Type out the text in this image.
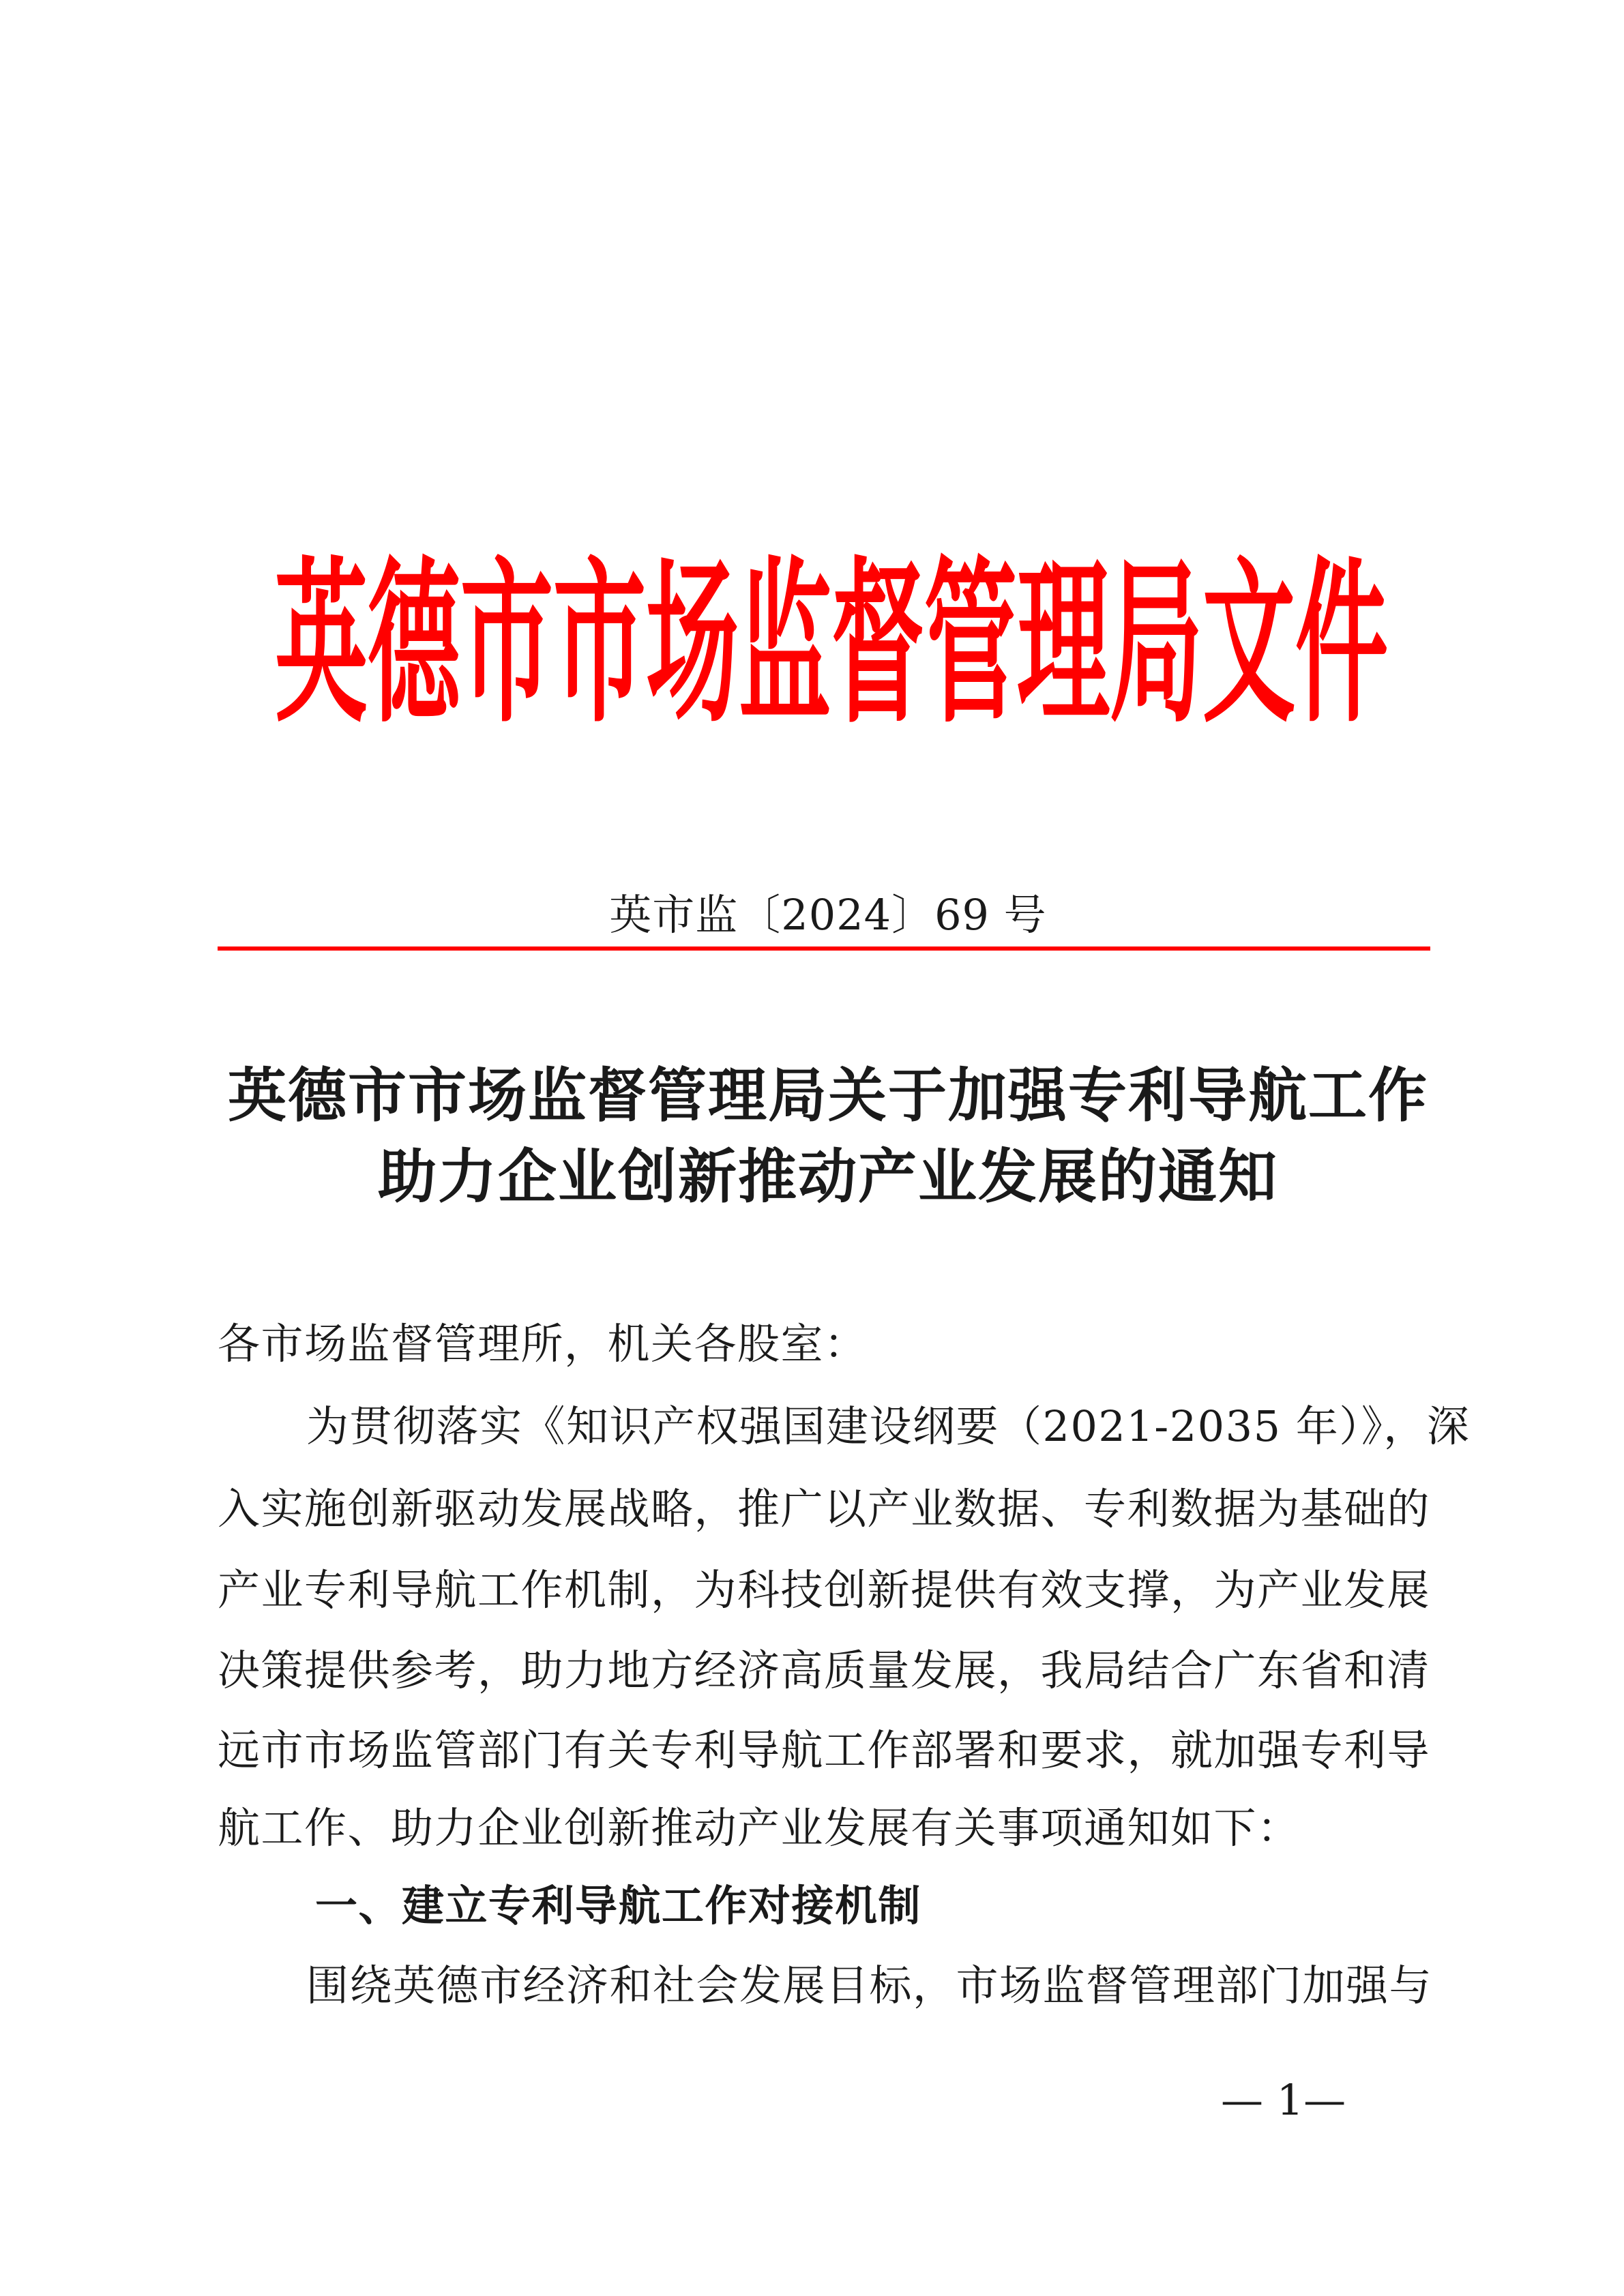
英德市市场监督管理局文件
英市监〔2024〕69 号
英德市市场监督管理局关于加强专利导航工作
助力企业创新推动产业发展的通知
各市场监督管理所，机关各股室：
为贯彻落实《知识产权强国建设纲要（2021-2035 年）》，深
入实施创新驱动发展战略，推广以产业数据、专利数据为基础的
产业专利导航工作机制，为科技创新提供有效支撑，为产业发展
决策提供参考，助力地方经济高质量发展，我局结合广东省和清
远市市场监管部门有关专利导航工作部署和要求，就加强专利导
航工作、助力企业创新推动产业发展有关事项通知如下：
一、建立专利导航工作对接机制
围绕英德市经济和社会发展目标，市场监督管理部门加强与
— 1—
